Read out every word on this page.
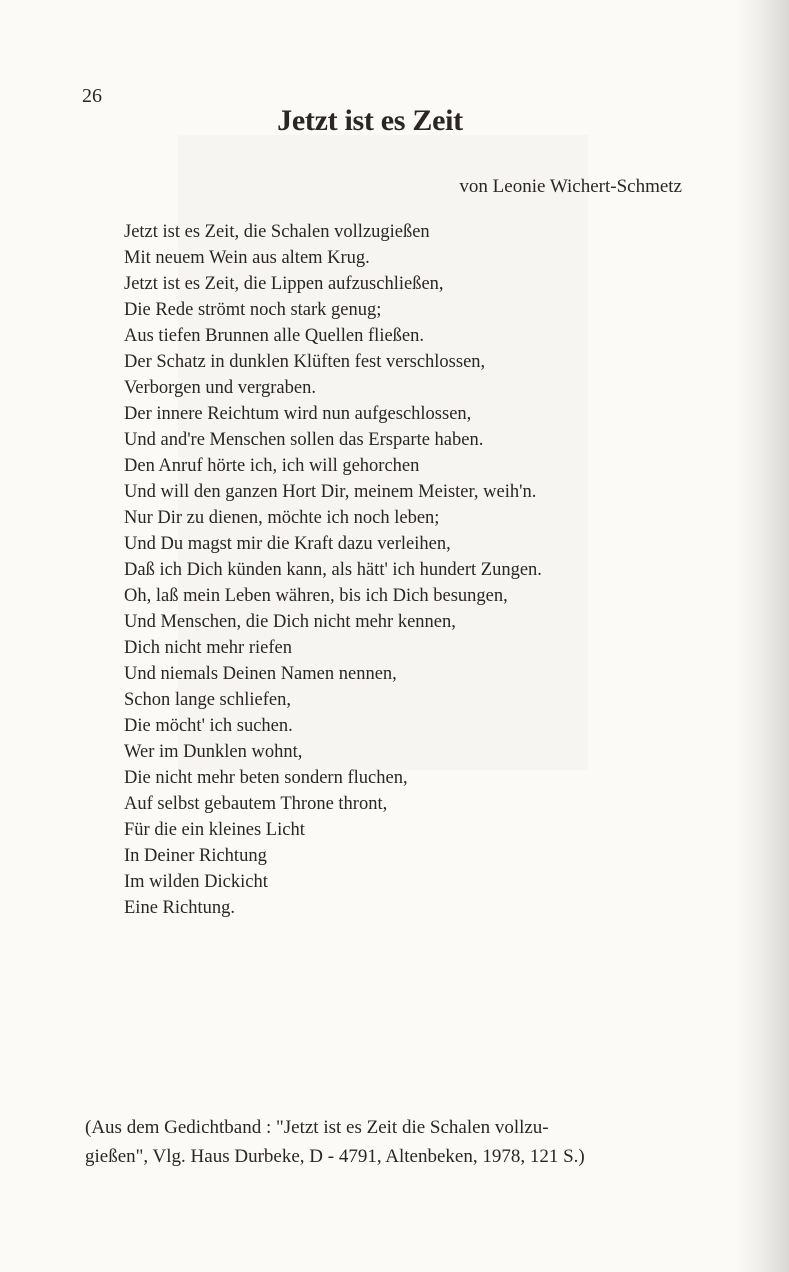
26
Jetzt ist es Zeit
von Leonie Wichert-Schmetz
Jetzt ist es Zeit, die Schalen vollzugießen
Mit neuem Wein aus altem Krug.
Jetzt ist es Zeit, die Lippen aufzuschließen,
Die Rede strömt noch stark genug;
Aus tiefen Brunnen alle Quellen fließen.
Der Schatz in dunklen Klüften fest verschlossen,
Verborgen und vergraben.
Der innere Reichtum wird nun aufgeschlossen,
Und and're Menschen sollen das Ersparte haben.
Den Anruf hörte ich, ich will gehorchen
Und will den ganzen Hort Dir, meinem Meister, weih'n.
Nur Dir zu dienen, möchte ich noch leben;
Und Du magst mir die Kraft dazu verleihen,
Daß ich Dich künden kann, als hätt' ich hundert Zungen.
Oh, laß mein Leben währen, bis ich Dich besungen,
Und Menschen, die Dich nicht mehr kennen,
Dich nicht mehr riefen
Und niemals Deinen Namen nennen,
Schon lange schliefen,
Die möcht' ich suchen.
Wer im Dunklen wohnt,
Die nicht mehr beten sondern fluchen,
Auf selbst gebautem Throne thront,
Für die ein kleines Licht
In Deiner Richtung
Im wilden Dickicht
Eine Richtung.
(Aus dem Gedichtband : "Jetzt ist es Zeit die Schalen vollzu-
gießen", Vlg. Haus Durbeke, D - 4791, Altenbeken, 1978, 121 S.)
